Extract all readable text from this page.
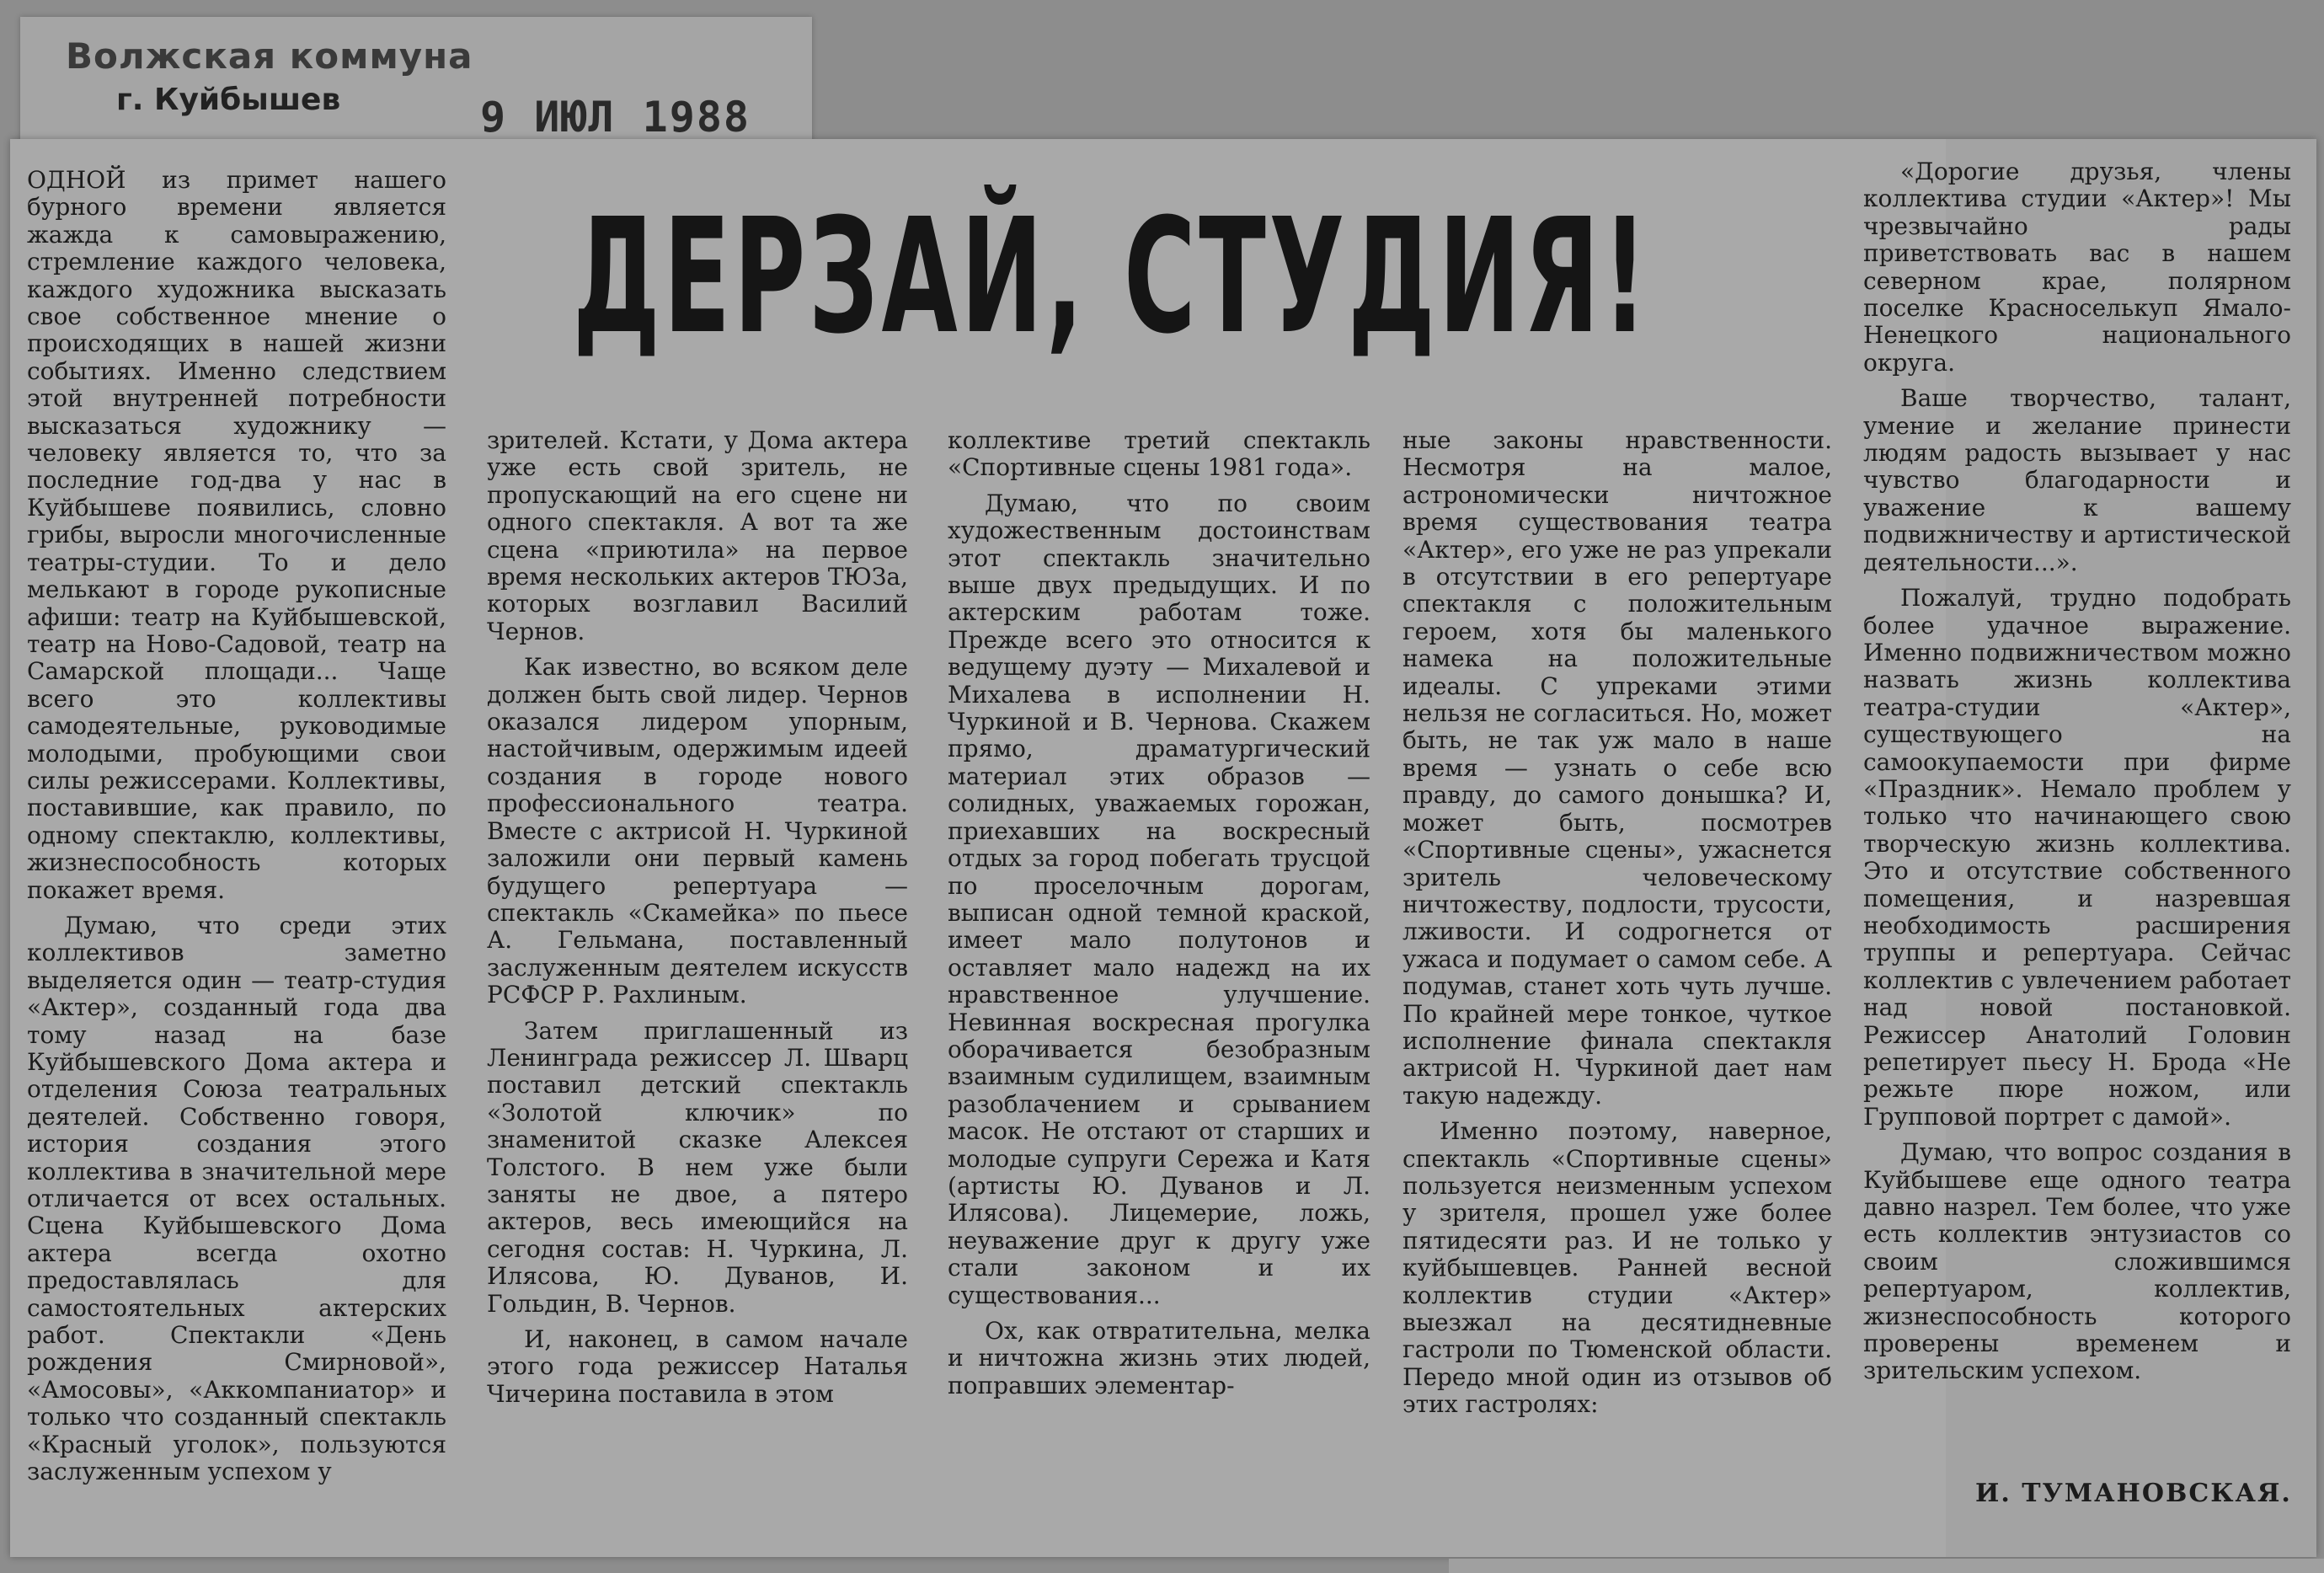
Волжская коммуна
г. Куйбышев	9 ИЮЛ 1988
ДЕРЗАЙ, СТУДИЯ!

ОДНОЙ из примет нашего бурного времени является жажда к самовыражению, стремление каждого человека, каждого художника высказать свое собственное мнение о происходящих в нашей жизни событиях. Именно следствием этой внутренней потребности высказаться художнику — человеку является то, что за последние год-два у нас в Куйбышеве появились, словно грибы, выросли многочисленные театры-студии. То и дело мелькают в городе рукописные афиши: театр на Куйбышевской, театр на Ново-Садовой, театр на Самарской площади... Чаще всего это коллективы самодеятельные, руководимые молодыми, пробующими свои силы режиссерами. Коллективы, поставившие, как правило, по одному спектаклю, коллективы, жизнеспособность которых покажет время.

Думаю, что среди этих коллективов заметно выделяется один — театр-студия «Актер», созданный года два тому назад на базе Куйбышевского Дома актера и отделения Союза театральных деятелей. Собственно говоря, история создания этого коллектива в значительной мере отличается от всех остальных. Сцена Куйбышевского Дома актера всегда охотно предоставлялась для самостоятельных актерских работ. Спектакли «День рождения Смирновой», «Амосовы», «Аккомпаниатор» и только что созданный спектакль «Красный уголок», пользуются заслуженным успехом у

зрителей. Кстати, у Дома актера уже есть свой зритель, не пропускающий на его сцене ни одного спектакля. А вот та же сцена «приютила» на первое время нескольких актеров ТЮЗа, которых возглавил Василий Чернов.

Как известно, во всяком деле должен быть свой лидер. Чернов оказался лидером упорным, настойчивым, одержимым идеей создания в городе нового профессионального театра. Вместе с актрисой Н. Чуркиной заложили они первый камень будущего репертуара — спектакль «Скамейка» по пьесе А. Гельмана, поставленный заслуженным деятелем искусств РСФСР Р. Рахлиным.

Затем приглашенный из Ленинграда режиссер Л. Шварц поставил детский спектакль «Золотой ключик» по знаменитой сказке Алексея Толстого. В нем уже были заняты не двое, а пятеро актеров, весь имеющийся на сегодня состав: Н. Чуркина, Л. Илясова, Ю. Дуванов, И. Гольдин, В. Чернов.

И, наконец, в самом начале этого года режиссер Наталья Чичерина поставила в этом

коллективе третий спектакль «Спортивные сцены 1981 года».

Думаю, что по своим художественным достоинствам этот спектакль значительно выше двух предыдущих. И по актерским работам тоже. Прежде всего это относится к ведущему дуэту — Михалевой и Михалева в исполнении Н. Чуркиной и В. Чернова. Скажем прямо, драматургический материал этих образов — солидных, уважаемых горожан, приехавших на воскресный отдых за город побегать трусцой по проселочным дорогам, выписан одной темной краской, имеет мало полутонов и оставляет мало надежд на их нравственное улучшение. Невинная воскресная прогулка оборачивается безобразным взаимным судилищем, взаимным разоблачением и срыванием масок. Не отстают от старших и молодые супруги Сережа и Катя (артисты Ю. Дуванов и Л. Илясова). Лицемерие, ложь, неуважение друг к другу уже стали законом и их существования...

Ох, как отвратительна, мелка и ничтожна жизнь этих людей, поправших элементар-

ные законы нравственности. Несмотря на малое, астрономически ничтожное время существования театра «Актер», его уже не раз упрекали в отсутствии в его репертуаре спектакля с положительным героем, хотя бы маленького намека на положительные идеалы. С упреками этими нельзя не согласиться. Но, может быть, не так уж мало в наше время — узнать о себе всю правду, до самого донышка? И, может быть, посмотрев «Спортивные сцены», ужаснется зритель человеческому ничтожеству, подлости, трусости, лживости. И содрогнется от ужаса и подумает о самом себе. А подумав, станет хоть чуть лучше. По крайней мере тонкое, чуткое исполнение финала спектакля актрисой Н. Чуркиной дает нам такую надежду.

Именно поэтому, наверное, спектакль «Спортивные сцены» пользуется неизменным успехом у зрителя, прошел уже более пятидесяти раз. И не только у куйбышевцев. Ранней весной коллектив студии «Актер» выезжал на десятидневные гастроли по Тюменской области. Передо мной один из отзывов об этих гастролях:

«Дорогие друзья, члены коллектива студии «Актер»! Мы чрезвычайно рады приветствовать вас в нашем северном крае, полярном поселке Красноселькуп Ямало-Ненецкого национального округа.

Ваше творчество, талант, умение и желание принести людям радость вызывает у нас чувство благодарности и уважение к вашему подвижничеству и артистической деятельности...».

Пожалуй, трудно подобрать более удачное выражение. Именно подвижничеством можно назвать жизнь коллектива театра-студии «Актер», существующего на самоокупаемости при фирме «Праздник». Немало проблем у только что начинающего свою творческую жизнь коллектива. Это и отсутствие собственного помещения, и назревшая необходимость расширения труппы и репертуара. Сейчас коллектив с увлечением работает над новой постановкой. Режиссер Анатолий Головин репетирует пьесу Н. Брода «Не режьте пюре ножом, или Групповой портрет с дамой».

Думаю, что вопрос создания в Куйбышеве еще одного театра давно назрел. Тем более, что уже есть коллектив энтузиастов со своим сложившимся репертуаром, коллектив, жизнеспособность которого проверены временем и зрительским успехом.

И. ТУМАНОВСКАЯ.
